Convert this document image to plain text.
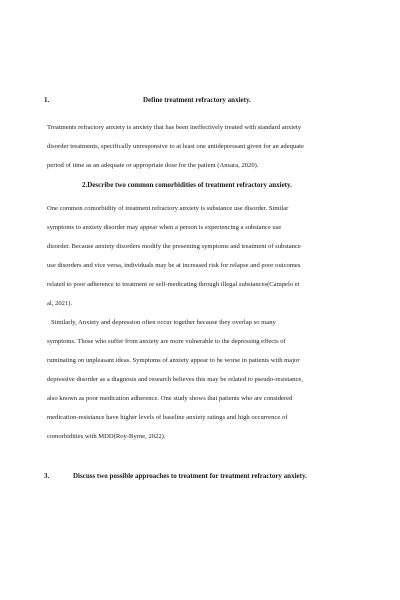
1.	Define treatment refractory anxiety.
Treatments refractory anxiety is anxiety that has been ineffectively treated with standard anxiety
disorder treatments, specifically unresponsive to at least one antidepressant given for an adequate
period of time as an adequate or appropriate dose for the patient (Ansara, 2020).
2.Describe two common comorbidities of treatment refractory anxiety.
One common comorbidity of treatment refractory anxiety is substance use disorder. Similar
symptoms to anxiety disorder may appear when a person is experiencing a substance use
disorder. Because anxiety disorders modify the presenting symptoms and treatment of substance
use disorders and vice versa, individuals may be at increased risk for relapse and poor outcomes
related to poor adherence to treatment or self-medicating through illegal substances(Campelo et
al, 2021).
Similarly, Anxiety and depression often occur together because they overlap so many
symptoms. Those who suffer from anxiety are more vulnerable to the depressing effects of
ruminating on unpleasant ideas. Symptoms of anxiety appear to be worse in patients with major
depressive disorder as a diagnosis and research believes this may be related to pseudo-resistance,
also known as poor medication adherence. One study shows that patients who are considered
medication-resistance have higher levels of baseline anxiety ratings and high occurrence of
comorbidities with MDD(Roy-Byrne, 2022).
3.	Discuss two possible approaches to treatment for treatment refractory anxiety.
